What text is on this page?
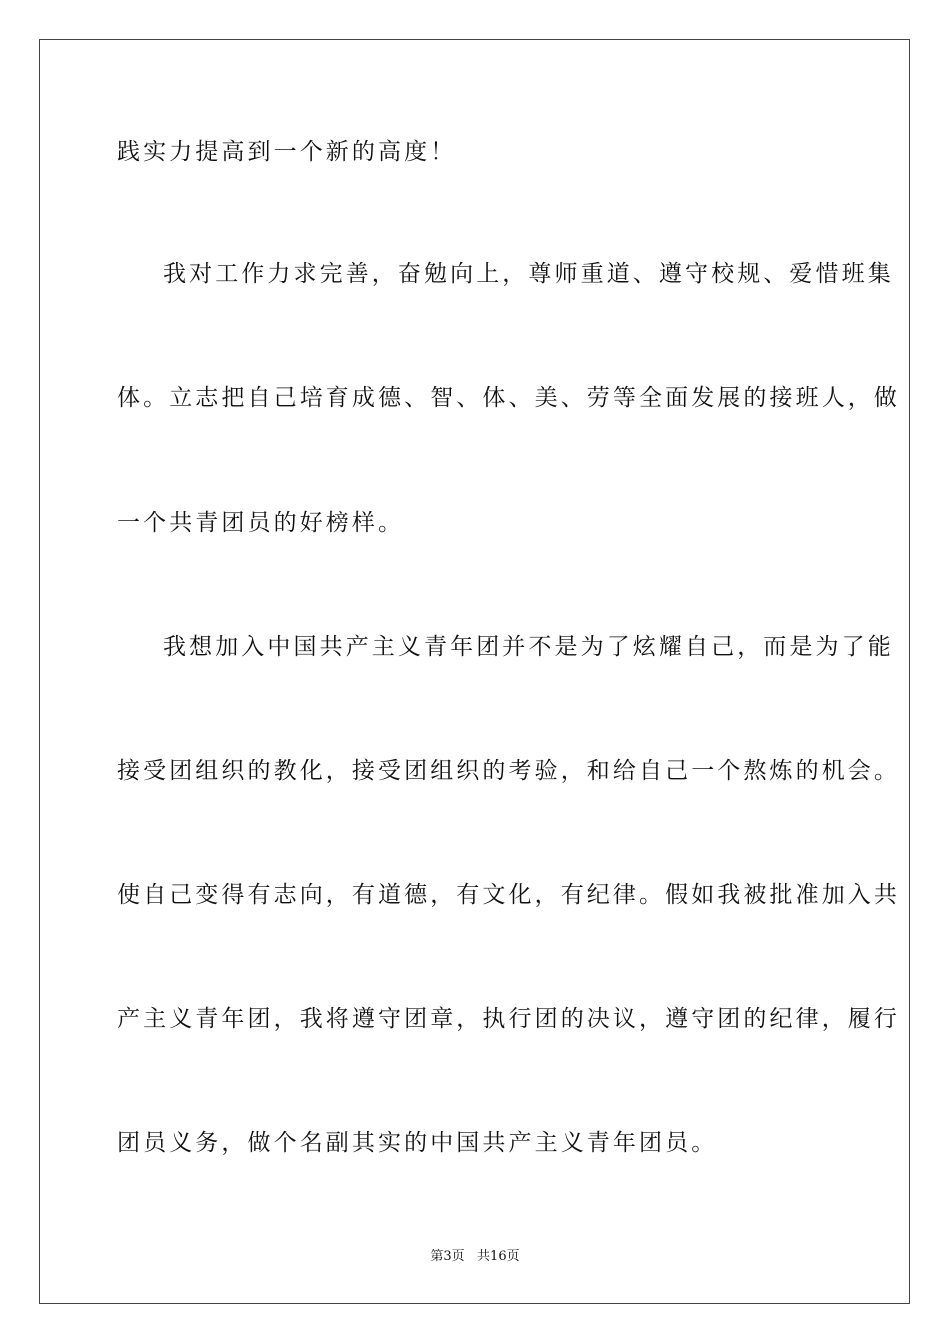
践实力提高到一个新的高度！
我对工作力求完善，奋勉向上，尊师重道、遵守校规、爱惜班集
体。立志把自己培育成德、智、体、美、劳等全面发展的接班人，做
一个共青团员的好榜样。
我想加入中国共产主义青年团并不是为了炫耀自己，而是为了能
接受团组织的教化，接受团组织的考验，和给自己一个熬炼的机会。
使自己变得有志向，有道德，有文化，有纪律。假如我被批准加入共
产主义青年团，我将遵守团章，执行团的决议，遵守团的纪律，履行
团员义务，做个名副其实的中国共产主义青年团员。
第3页   共16页
